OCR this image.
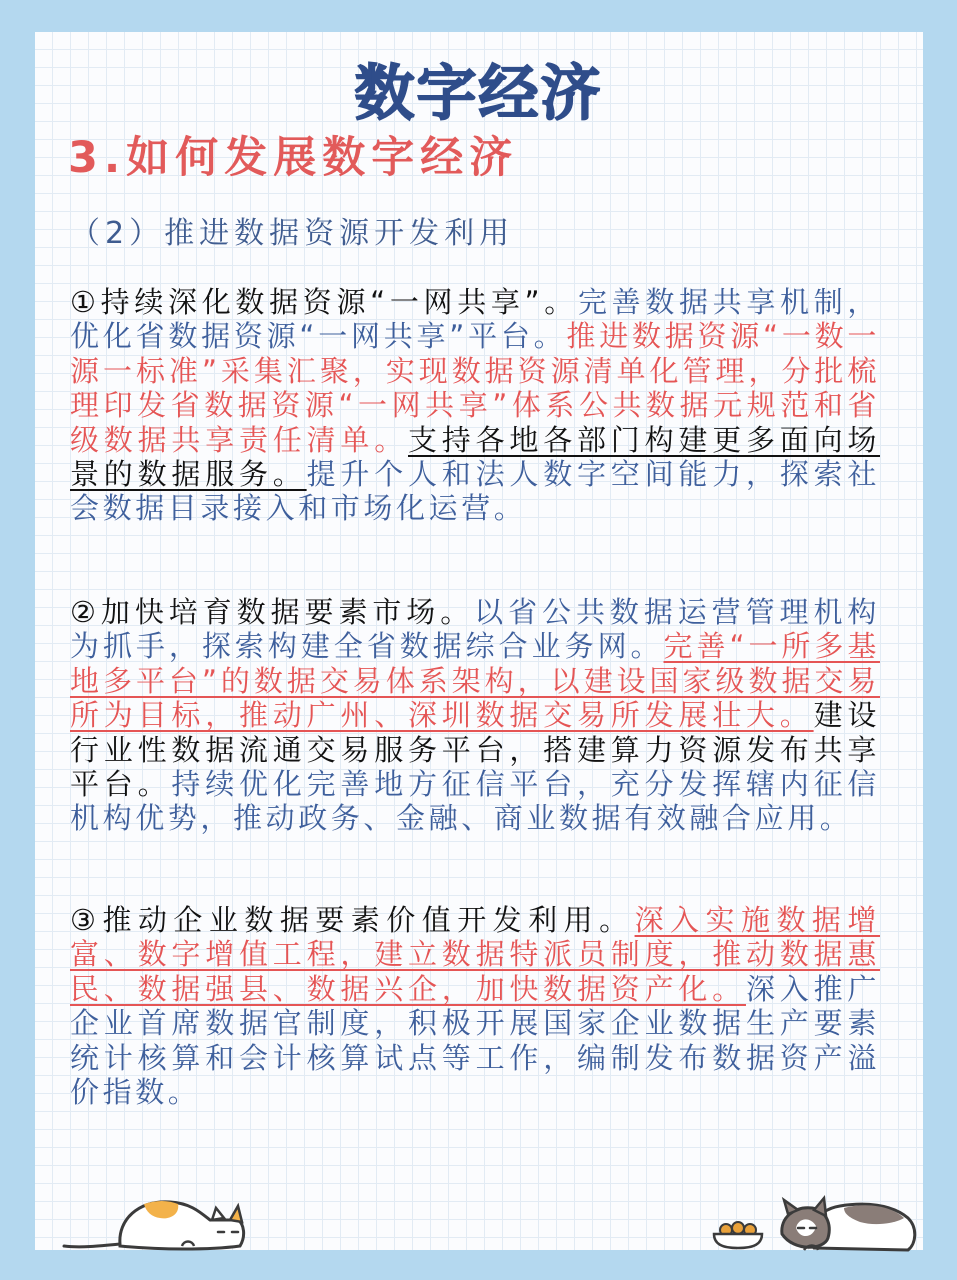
数字经济
3.如何发展数字经济
（2）推进数据资源开发利用
①持续深化数据资源“一网共享”。完善数据共享机制，优化省数据资源“一网共享”平台。推进数据资源“一数一源一标准”采集汇聚，实现数据资源清单化管理，分批梳理印发省数据资源“一网共享”体系公共数据元规范和省级数据共享责任清单。支持各地各部门构建更多面向场景的数据服务。提升个人和法人数字空间能力，探索社会数据目录接入和市场化运营。
②加快培育数据要素市场。以省公共数据运营管理机构为抓手，探索构建全省数据综合业务网。完善“一所多基地多平台”的数据交易体系架构，以建设国家级数据交易所为目标，推动广州、深圳数据交易所发展壮大。建设行业性数据流通交易服务平台，搭建算力资源发布共享平台。持续优化完善地方征信平台，充分发挥辖内征信机构优势，推动政务、金融、商业数据有效融合应用。
③推动企业数据要素价值开发利用。深入实施数据增富、数字增值工程，建立数据特派员制度，推动数据惠民、数据强县、数据兴企，加快数据资产化。深入推广企业首席数据官制度，积极开展国家企业数据生产要素统计核算和会计核算试点等工作，编制发布数据资产溢价指数。
